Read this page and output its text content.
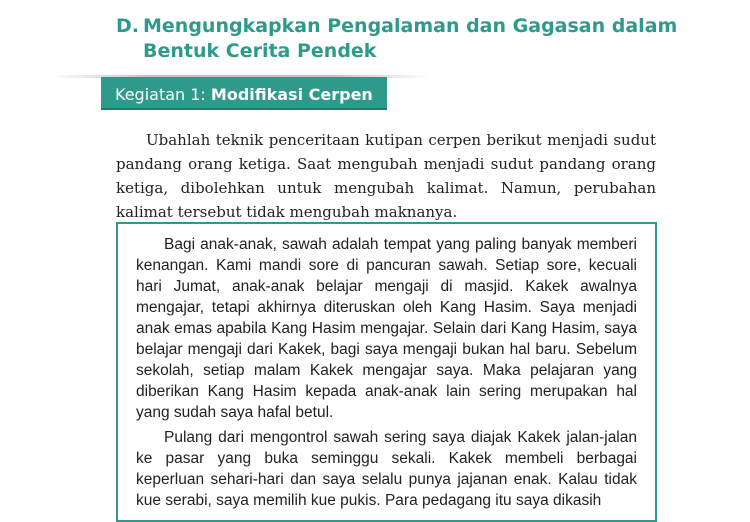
D. Mengungkapkan Pengalaman dan Gagasan dalam Bentuk Cerita Pendek
Kegiatan 1: Modifikasi Cerpen

Ubahlah teknik penceritaan kutipan cerpen berikut menjadi sudut pandang orang ketiga. Saat mengubah menjadi sudut pandang orang ketiga, dibolehkan untuk mengubah kalimat. Namun, perubahan kalimat tersebut tidak mengubah maknanya.

Bagi anak-anak, sawah adalah tempat yang paling banyak memberi kenangan. Kami mandi sore di pancuran sawah. Setiap sore, kecuali hari Jumat, anak-anak belajar mengaji di masjid. Kakek awalnya mengajar, tetapi akhirnya diteruskan oleh Kang Hasim. Saya menjadi anak emas apabila Kang Hasim mengajar. Selain dari Kang Hasim, saya belajar mengaji dari Kakek, bagi saya mengaji bukan hal baru. Sebelum sekolah, setiap malam Kakek mengajar saya. Maka pelajaran yang diberikan Kang Hasim kepada anak-anak lain sering merupakan hal yang sudah saya hafal betul.

Pulang dari mengontrol sawah sering saya diajak Kakek jalan-jalan ke pasar yang buka seminggu sekali. Kakek membeli berbagai keperluan sehari-hari dan saya selalu punya jajanan enak. Kalau tidak kue serabi, saya memilih kue pukis. Para pedagang itu saya dikasih
